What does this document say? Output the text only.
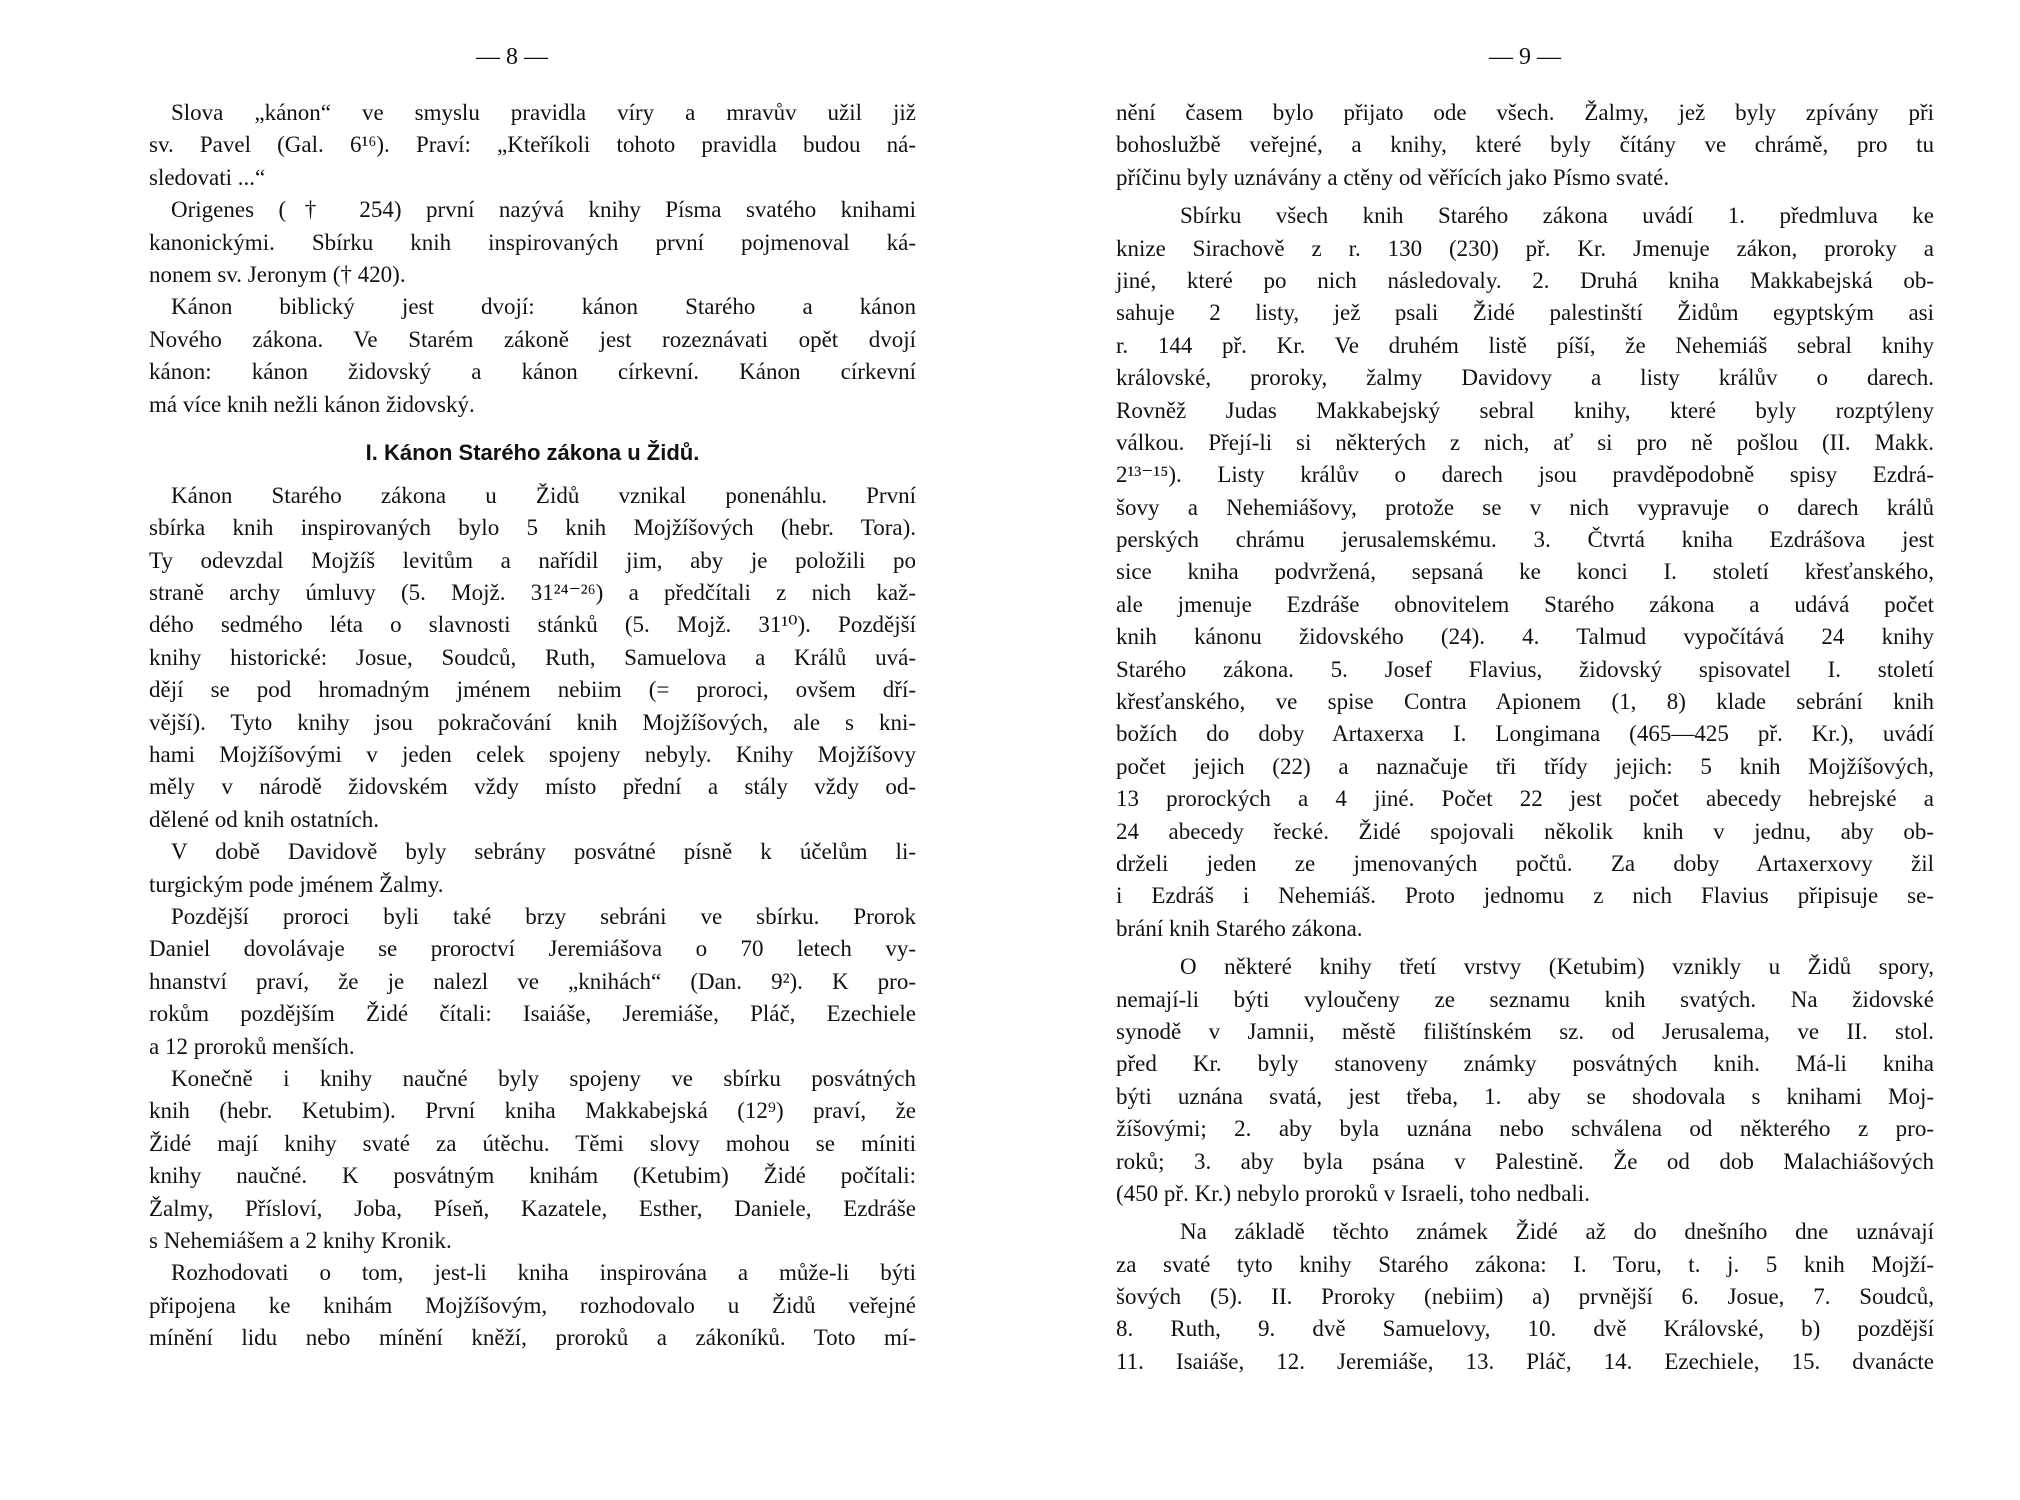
— 8 —	— 9 —
Slova „kánon“ ve smyslu pravidla víry a mravův užil již
sv. Pavel (Gal. 6¹⁶). Praví: „Kteříkoli tohoto pravidla budou ná-
sledovati ...“
Origenes († 254) první nazývá knihy Písma svatého knihami
kanonickými. Sbírku knih inspirovaných první pojmenoval ká-
nonem sv. Jeronym († 420).
Kánon biblický jest dvojí: kánon Starého a kánon
Nového zákona. Ve Starém zákoně jest rozeznávati opět dvojí
kánon: kánon židovský a kánon církevní. Kánon církevní
má více knih nežli kánon židovský.
I. Kánon Starého zákona u Židů.
Kánon Starého zákona u Židů vznikal ponenáhlu. První
sbírka knih inspirovaných bylo 5 knih Mojžíšových (hebr. Tora).
Ty odevzdal Mojžíš levitům a nařídil jim, aby je položili po
straně archy úmluvy (5. Mojž. 31²⁴⁻²⁶) a předčítali z nich kaž-
dého sedmého léta o slavnosti stánků (5. Mojž. 31¹⁰). Pozdější
knihy historické: Josue, Soudců, Ruth, Samuelova a Králů uvá-
dějí se pod hromadným jménem nebiim (= proroci, ovšem dří-
vější). Tyto knihy jsou pokračování knih Mojžíšových, ale s kni-
hami Mojžíšovými v jeden celek spojeny nebyly. Knihy Mojžíšovy
měly v národě židovském vždy místo přední a stály vždy od-
dělené od knih ostatních.
V době Davidově byly sebrány posvátné písně k účelům li-
turgickým pode jménem Žalmy.
Pozdější proroci byli také brzy sebráni ve sbírku. Prorok
Daniel dovolávaje se proroctví Jeremiášova o 70 letech vy-
hnanství praví, že je nalezl ve „knihách“ (Dan. 9²). K pro-
rokům pozdějším Židé čítali: Isaiáše, Jeremiáše, Pláč, Ezechiele
a 12 proroků menších.
Konečně i knihy naučné byly spojeny ve sbírku posvátných
knih (hebr. Ketubim). První kniha Makkabejská (12⁹) praví, že
Židé mají knihy svaté za útěchu. Těmi slovy mohou se míniti
knihy naučné. K posvátným knihám (Ketubim) Židé počítali:
Žalmy, Přísloví, Joba, Píseň, Kazatele, Esther, Daniele, Ezdráše
s Nehemiášem a 2 knihy Kronik.
Rozhodovati o tom, jest-li kniha inspirována a může-li býti
připojena ke knihám Mojžíšovým, rozhodovalo u Židů veřejné
mínění lidu nebo mínění kněží, proroků a zákoníků. Toto mí-
nění časem bylo přijato ode všech. Žalmy, jež byly zpívány při
bohoslužbě veřejné, a knihy, které byly čítány ve chrámě, pro tu
příčinu byly uznávány a ctěny od věřících jako Písmo svaté.
Sbírku všech knih Starého zákona uvádí 1. předmluva ke
knize Sirachově z r. 130 (230) př. Kr. Jmenuje zákon, proroky a
jiné, které po nich následovaly. 2. Druhá kniha Makkabejská ob-
sahuje 2 listy, jež psali Židé palestinští Židům egyptským asi
r. 144 př. Kr. Ve druhém listě píší, že Nehemiáš sebral knihy
královské, proroky, žalmy Davidovy a listy králův o darech.
Rovněž Judas Makkabejský sebral knihy, které byly rozptýleny
válkou. Přejí-li si některých z nich, ať si pro ně pošlou (II. Makk.
2¹³⁻¹⁵). Listy králův o darech jsou pravděpodobně spisy Ezdrá-
šovy a Nehemiášovy, protože se v nich vypravuje o darech králů
perských chrámu jerusalemskému. 3. Čtvrtá kniha Ezdrášova jest
sice kniha podvržená, sepsaná ke konci I. století křesťanského,
ale jmenuje Ezdráše obnovitelem Starého zákona a udává počet
knih kánonu židovského (24). 4. Talmud vypočítává 24 knihy
Starého zákona. 5. Josef Flavius, židovský spisovatel I. století
křesťanského, ve spise Contra Apionem (1, 8) klade sebrání knih
božích do doby Artaxerxa I. Longimana (465—425 př. Kr.), uvádí
počet jejich (22) a naznačuje tři třídy jejich: 5 knih Mojžíšových,
13 prorockých a 4 jiné. Počet 22 jest počet abecedy hebrejské a
24 abecedy řecké. Židé spojovali několik knih v jednu, aby ob-
drželi jeden ze jmenovaných počtů. Za doby Artaxerxovy žil
i Ezdráš i Nehemiáš. Proto jednomu z nich Flavius připisuje se-
brání knih Starého zákona.
O některé knihy třetí vrstvy (Ketubim) vznikly u Židů spory,
nemají-li býti vyloučeny ze seznamu knih svatých. Na židovské
synodě v Jamnii, městě filištínském sz. od Jerusalema, ve II. stol.
před Kr. byly stanoveny známky posvátných knih. Má-li kniha
býti uznána svatá, jest třeba, 1. aby se shodovala s knihami Moj-
žíšovými; 2. aby byla uznána nebo schválena od některého z pro-
roků; 3. aby byla psána v Palestině. Že od dob Malachiášových
(450 př. Kr.) nebylo proroků v Israeli, toho nedbali.
Na základě těchto známek Židé až do dnešního dne uznávají
za svaté tyto knihy Starého zákona: I. Toru, t. j. 5 knih Mojží-
šových (5). II. Proroky (nebiim) a) prvnější 6. Josue, 7. Soudců,
8. Ruth, 9. dvě Samuelovy, 10. dvě Královské, b) pozdější
11. Isaiáše, 12. Jeremiáše, 13. Pláč, 14. Ezechiele, 15. dvanácte
